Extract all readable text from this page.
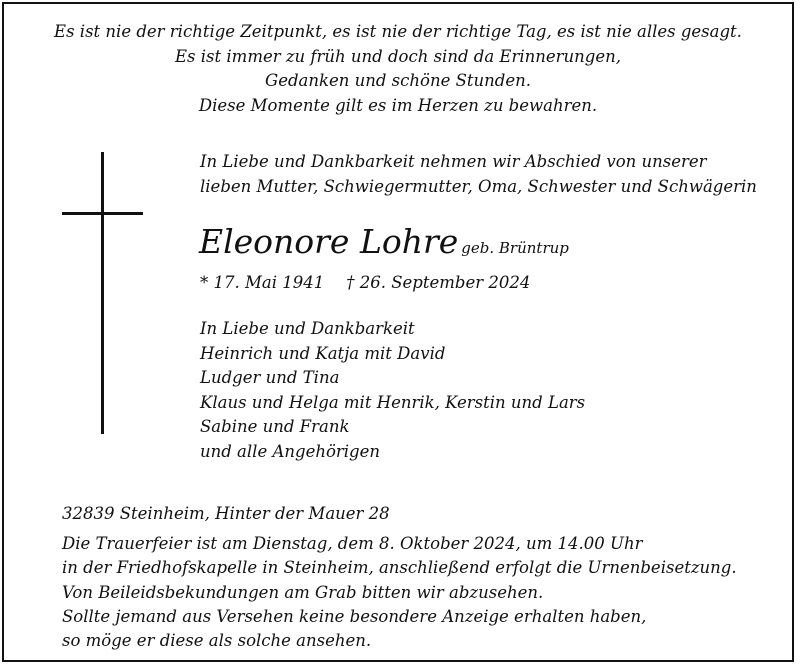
Es ist nie der richtige Zeitpunkt, es ist nie der richtige Tag, es ist nie alles gesagt.
Es ist immer zu früh und doch sind da Erinnerungen,
Gedanken und schöne Stunden.
Diese Momente gilt es im Herzen zu bewahren.
In Liebe und Dankbarkeit nehmen wir Abschied von unserer
lieben Mutter, Schwiegermutter, Oma, Schwester und Schwägerin
Eleonore Lohre geb. Brüntrup
* 17. Mai 1941 † 26. September 2024
In Liebe und Dankbarkeit
Heinrich und Katja mit David
Ludger und Tina
Klaus und Helga mit Henrik, Kerstin und Lars
Sabine und Frank
und alle Angehörigen
32839 Steinheim, Hinter der Mauer 28
Die Trauerfeier ist am Dienstag, dem 8. Oktober 2024, um 14.00 Uhr
in der Friedhofskapelle in Steinheim, anschließend erfolgt die Urnenbeisetzung.
Von Beileidsbekundungen am Grab bitten wir abzusehen.
Sollte jemand aus Versehen keine besondere Anzeige erhalten haben,
so möge er diese als solche ansehen.
